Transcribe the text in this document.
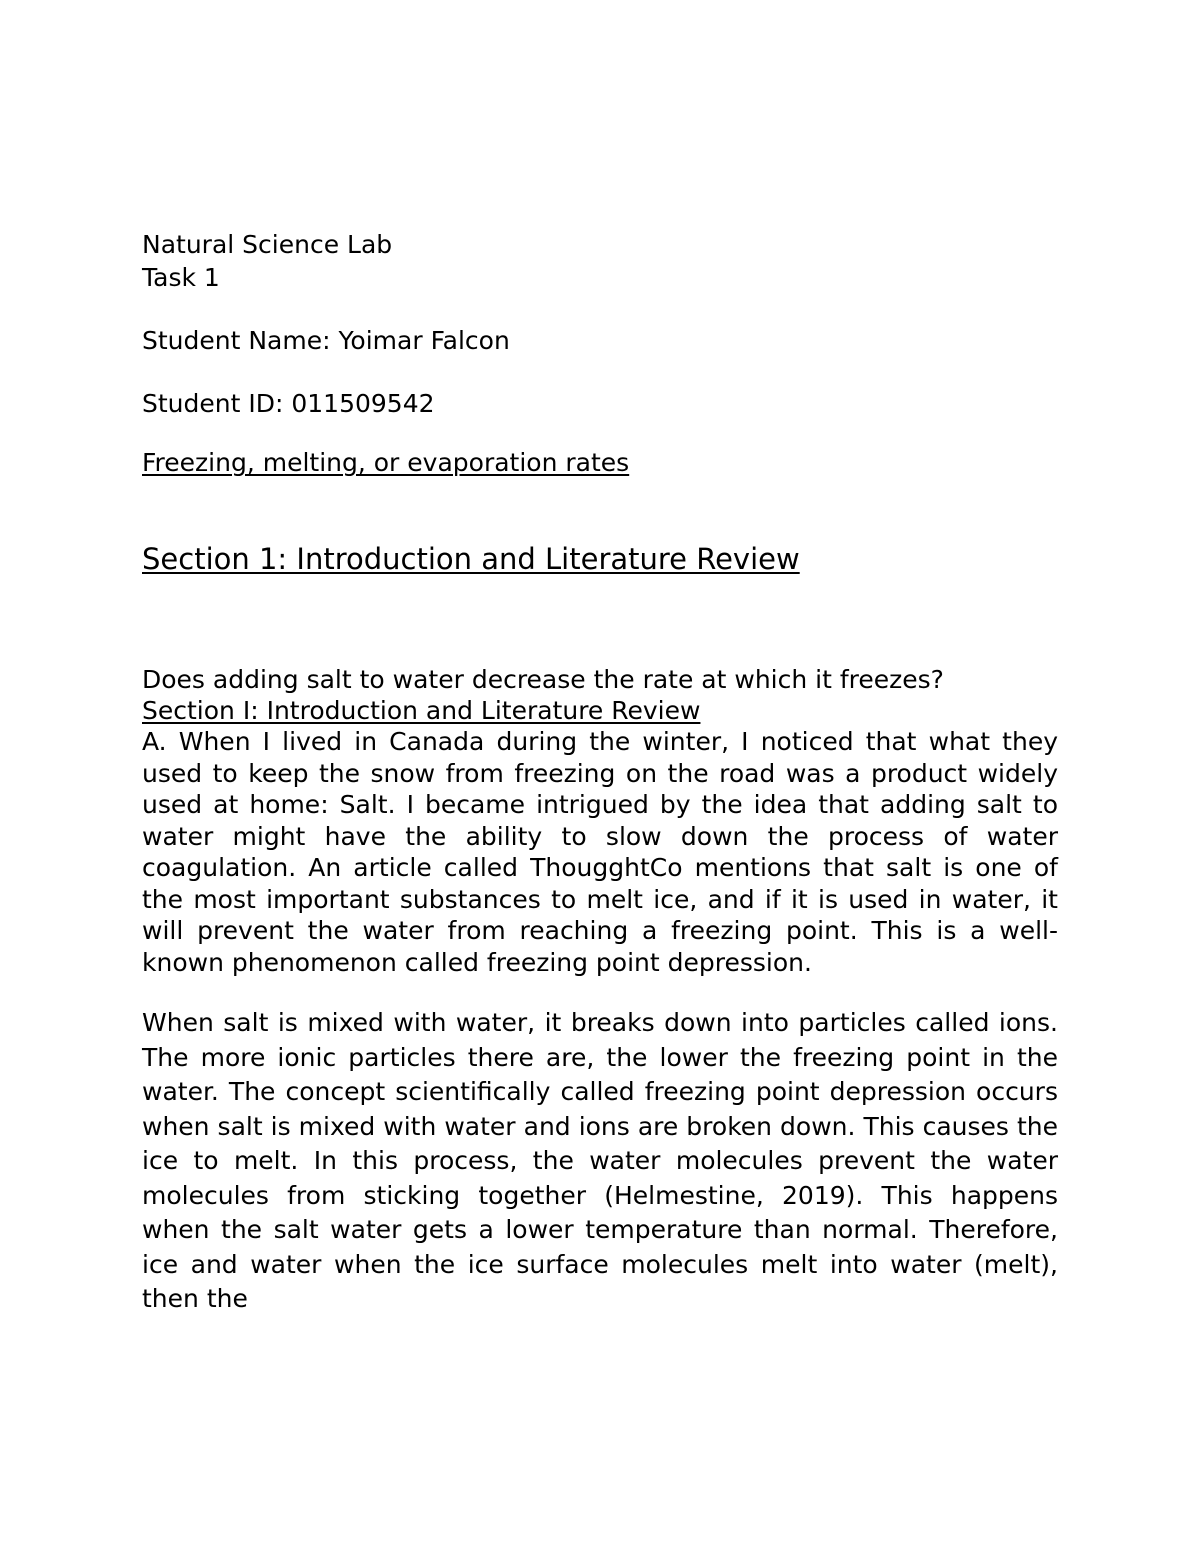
Natural Science Lab

Task 1

Student Name: Yoimar Falcon

Student ID: 011509542

Freezing, melting, or evaporation rates

Section 1: Introduction and Literature Review

Does adding salt to water decrease the rate at which it freezes?

Section I: Introduction and Literature Review

A. When I lived in Canada during the winter, I noticed that what they used to keep the snow from freezing on the road was a product widely used at home: Salt. I became intrigued by the idea that adding salt to water might have the ability to slow down the process of water coagulation. An article called ThougghtCo mentions that salt is one of the most important substances to melt ice, and if it is used in water, it will prevent the water from reaching a freezing point. This is a well-known phenomenon called freezing point depression.

When salt is mixed with water, it breaks down into particles called ions. The more ionic particles there are, the lower the freezing point in the water. The concept scientifically called freezing point depression occurs when salt is mixed with water and ions are broken down. This causes the ice to melt. In this process, the water molecules prevent the water molecules from sticking together (Helmestine, 2019). This happens when the salt water gets a lower temperature than normal. Therefore, ice and water when the ice surface molecules melt into water (melt), then the
